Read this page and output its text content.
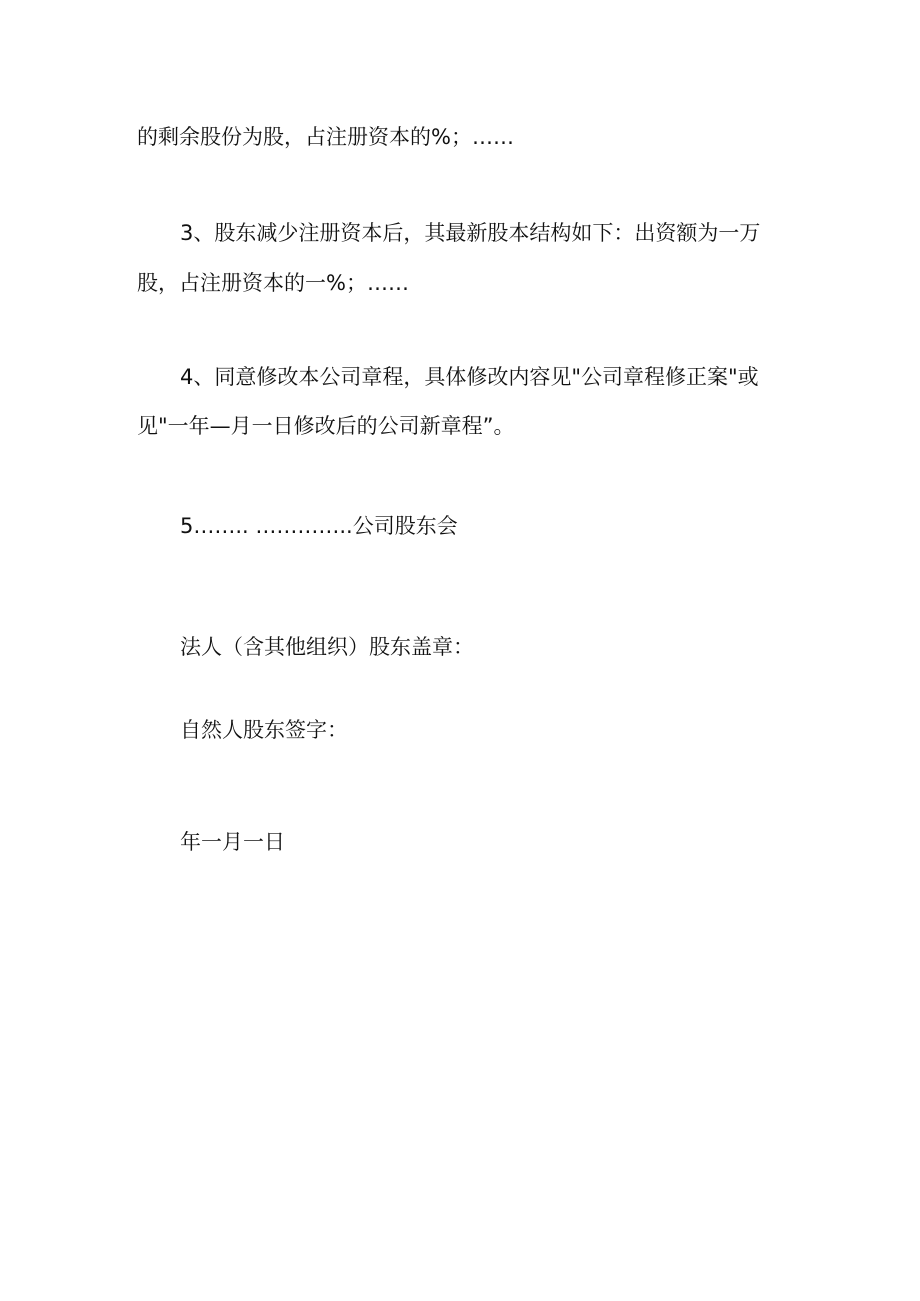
的剩余股份为股，占注册资本的%；……
3、股东减少注册资本后，其最新股本结构如下：出资额为一万
股，占注册资本的一%；……
4、同意修改本公司章程，具体修改内容见"公司章程修正案"或
见"一年—月一日修改后的公司新章程”。
5…….. …………..公司股东会
法人（含其他组织）股东盖章：
自然人股东签字：
年一月一日
